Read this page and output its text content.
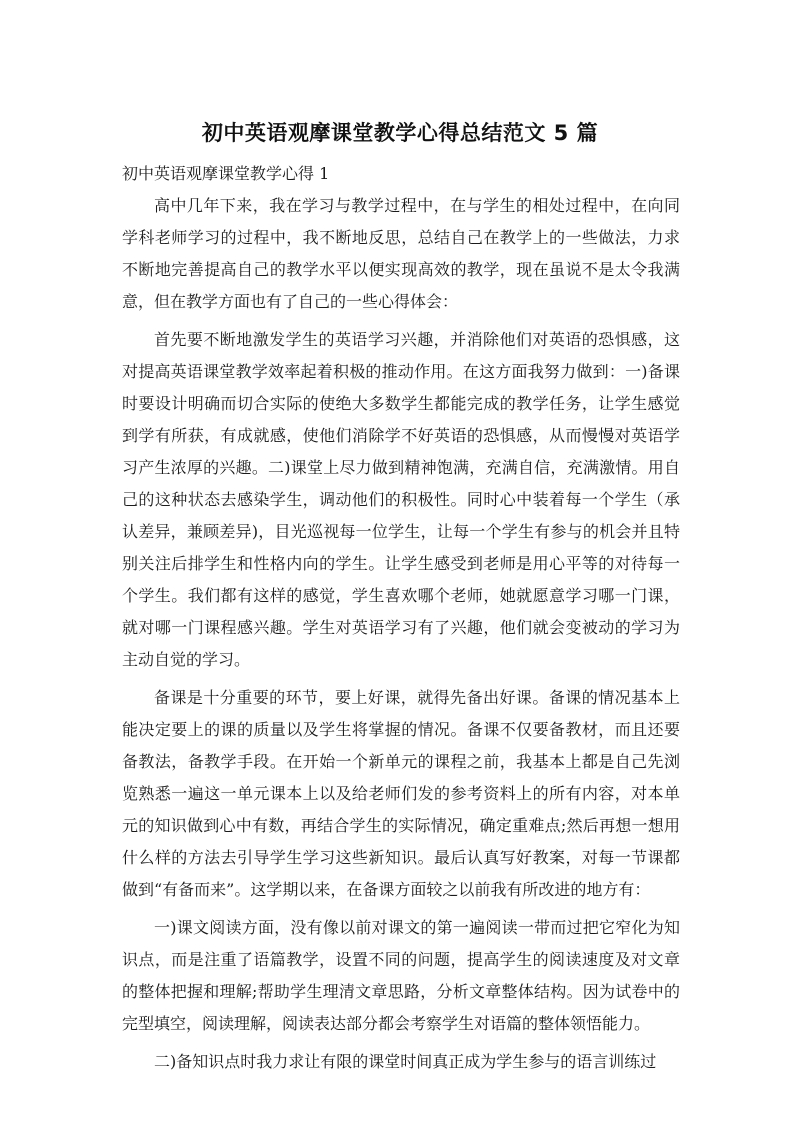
初中英语观摩课堂教学心得总结范文 5 篇

初中英语观摩课堂教学心得 1

高中几年下来，我在学习与教学过程中，在与学生的相处过程中，在向同学科老师学习的过程中，我不断地反思，总结自己在教学上的一些做法，力求不断地完善提高自己的教学水平以便实现高效的教学，现在虽说不是太令我满意，但在教学方面也有了自己的一些心得体会：

首先要不断地激发学生的英语学习兴趣，并消除他们对英语的恐惧感，这对提高英语课堂教学效率起着积极的推动作用。在这方面我努力做到：一)备课时要设计明确而切合实际的使绝大多数学生都能完成的教学任务，让学生感觉到学有所获，有成就感，使他们消除学不好英语的恐惧感，从而慢慢对英语学习产生浓厚的兴趣。二)课堂上尽力做到精神饱满，充满自信，充满激情。用自己的这种状态去感染学生，调动他们的积极性。同时心中装着每一个学生（承认差异，兼顾差异)，目光巡视每一位学生，让每一个学生有参与的机会并且特别关注后排学生和性格内向的学生。让学生感受到老师是用心平等的对待每一个学生。我们都有这样的感觉，学生喜欢哪个老师，她就愿意学习哪一门课，就对哪一门课程感兴趣。学生对英语学习有了兴趣，他们就会变被动的学习为主动自觉的学习。

备课是十分重要的环节，要上好课，就得先备出好课。备课的情况基本上能决定要上的课的质量以及学生将掌握的情况。备课不仅要备教材，而且还要备教法，备教学手段。在开始一个新单元的课程之前，我基本上都是自己先浏览熟悉一遍这一单元课本上以及给老师们发的参考资料上的所有内容，对本单元的知识做到心中有数，再结合学生的实际情况，确定重难点;然后再想一想用什么样的方法去引导学生学习这些新知识。最后认真写好教案，对每一节课都做到“有备而来”。这学期以来，在备课方面较之以前我有所改进的地方有：

一)课文阅读方面，没有像以前对课文的第一遍阅读一带而过把它窄化为知识点，而是注重了语篇教学，设置不同的问题，提高学生的阅读速度及对文章的整体把握和理解;帮助学生理清文章思路，分析文章整体结构。因为试卷中的完型填空，阅读理解，阅读表达部分都会考察学生对语篇的整体领悟能力。

二)备知识点时我力求让有限的课堂时间真正成为学生参与的语言训练过
